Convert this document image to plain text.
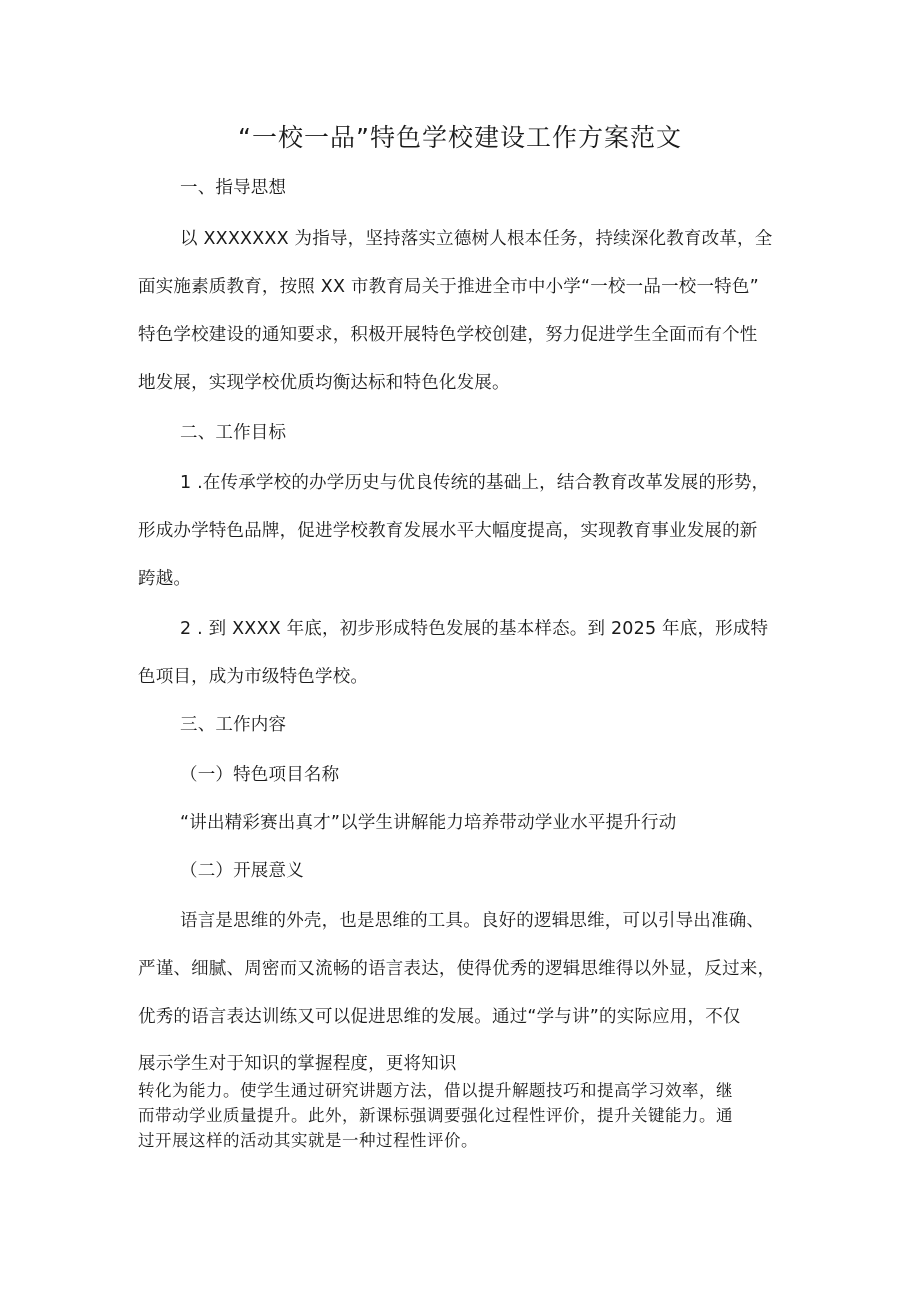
“一校一品”特色学校建设工作方案范文
一、指导思想
以 XXXXXXX 为指导，坚持落实立德树人根本任务，持续深化教育改革，全
面实施素质教育，按照 XX 市教育局关于推进全市中小学“一校一品一校一特色”
特色学校建设的通知要求，积极开展特色学校创建，努力促进学生全面而有个性
地发展，实现学校优质均衡达标和特色化发展。
二、工作目标
1 .在传承学校的办学历史与优良传统的基础上，结合教育改革发展的形势，
形成办学特色品牌，促进学校教育发展水平大幅度提高，实现教育事业发展的新
跨越。
2 . 到 XXXX 年底，初步形成特色发展的基本样态。到 2025 年底，形成特
色项目，成为市级特色学校。
三、工作内容
（一）特色项目名称
“讲出精彩赛出真才”以学生讲解能力培养带动学业水平提升行动
（二）开展意义
语言是思维的外壳，也是思维的工具。良好的逻辑思维，可以引导出准确、
严谨、细腻、周密而又流畅的语言表达，使得优秀的逻辑思维得以外显，反过来，
优秀的语言表达训练又可以促进思维的发展。通过“学与讲”的实际应用，不仅
展示学生对于知识的掌握程度，更将知识
转化为能力。使学生通过研究讲题方法，借以提升解题技巧和提高学习效率，继
而带动学业质量提升。此外，新课标强调要强化过程性评价，提升关键能力。通
过开展这样的活动其实就是一种过程性评价。
